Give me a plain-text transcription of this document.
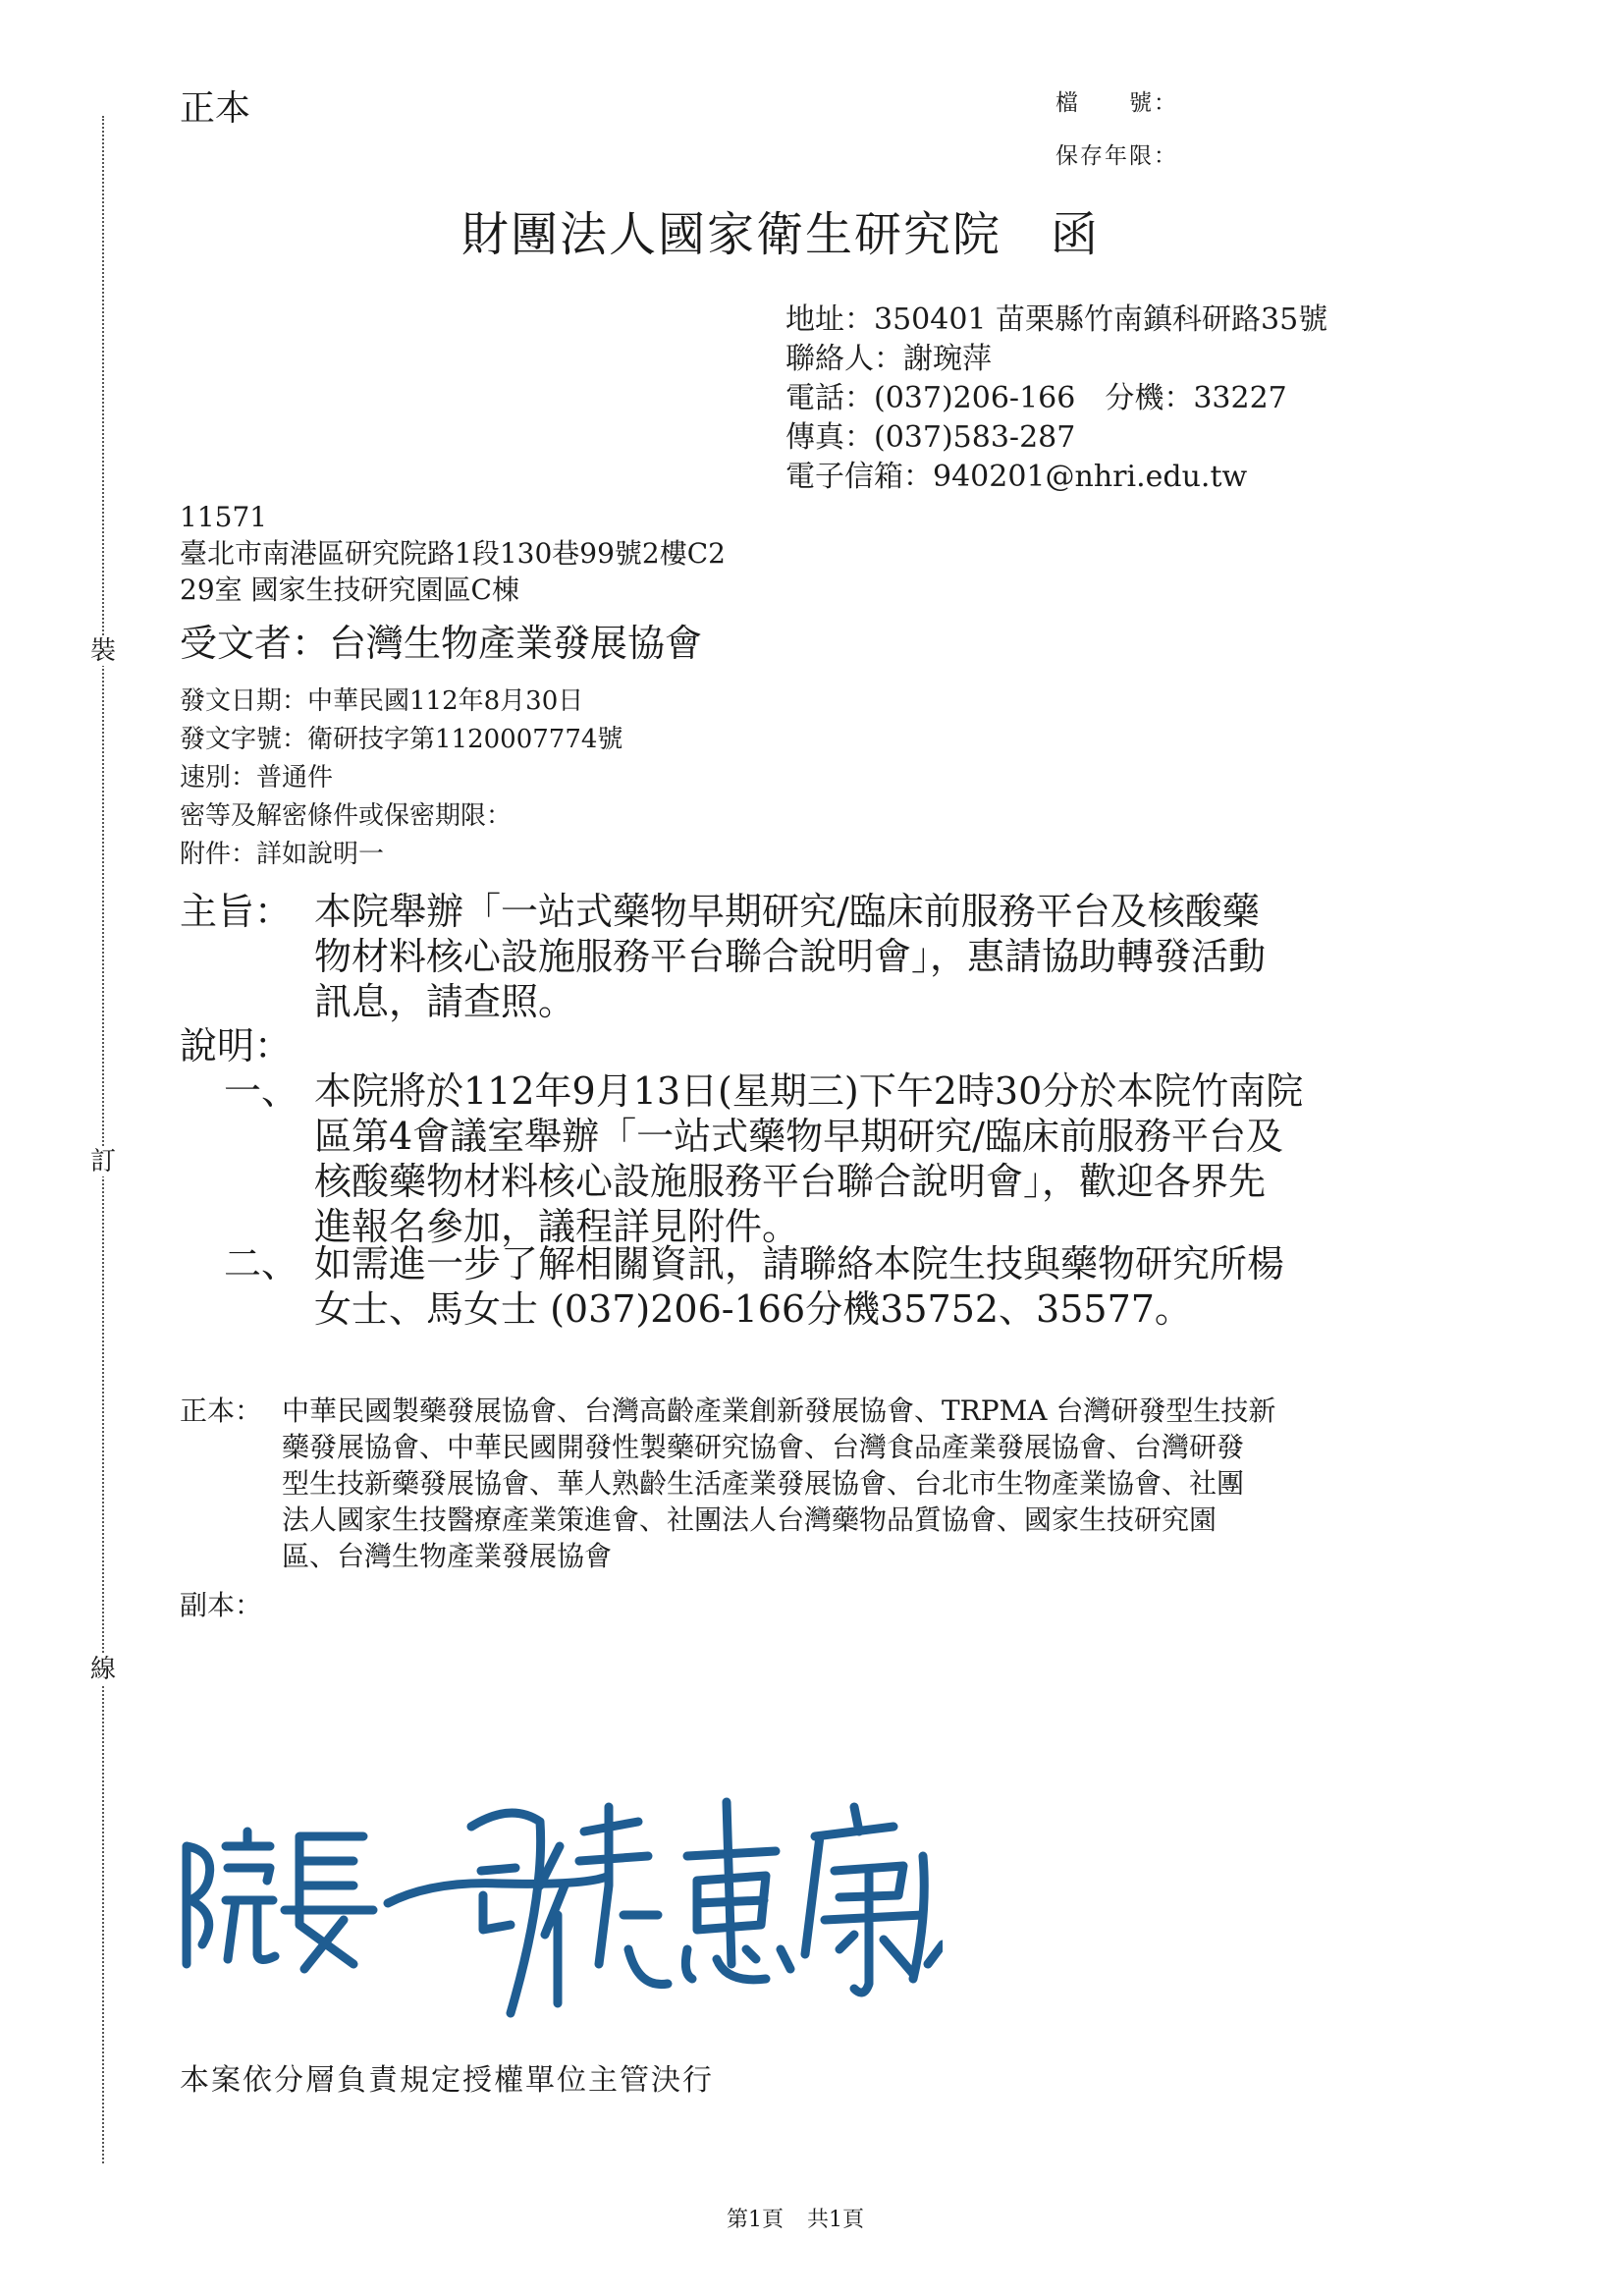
裝
訂
線
正本	檔　　號：
保存年限：
財團法人國家衛生研究院 函
地址：350401 苗栗縣竹南鎮科研路35號
聯絡人：謝琬萍
電話：(037)206-166　分機：33227
傳真：(037)583-287
電子信箱：940201@nhri.edu.tw
11571
臺北市南港區研究院路1段130巷99號2樓C2
29室 國家生技研究園區C棟
受文者：台灣生物產業發展協會
發文日期：中華民國112年8月30日
發文字號：衛研技字第1120007774號
速別：普通件
密等及解密條件或保密期限：
附件：詳如說明一
主旨： 本院舉辦「一站式藥物早期研究/臨床前服務平台及核酸藥
物材料核心設施服務平台聯合說明會」，惠請協助轉發活動
訊息，請查照。
說明：
一、 本院將於112年9月13日(星期三)下午2時30分於本院竹南院
區第4會議室舉辦「一站式藥物早期研究/臨床前服務平台及
核酸藥物材料核心設施服務平台聯合說明會」，歡迎各界先
進報名參加，議程詳見附件。
二、 如需進一步了解相關資訊，請聯絡本院生技與藥物研究所楊
女士、馬女士 (037)206-166分機35752、35577。
正本： 中華民國製藥發展協會、台灣高齡產業創新發展協會、TRPMA 台灣研發型生技新
藥發展協會、中華民國開發性製藥研究協會、台灣食品產業發展協會、台灣研發
型生技新藥發展協會、華人熟齡生活產業發展協會、台北市生物產業協會、社團
法人國家生技醫療產業策進會、社團法人台灣藥物品質協會、國家生技研究園
區、台灣生物產業發展協會
副本：
院長	司徒惠康
本案依分層負責規定授權單位主管決行
第1頁 共1頁
